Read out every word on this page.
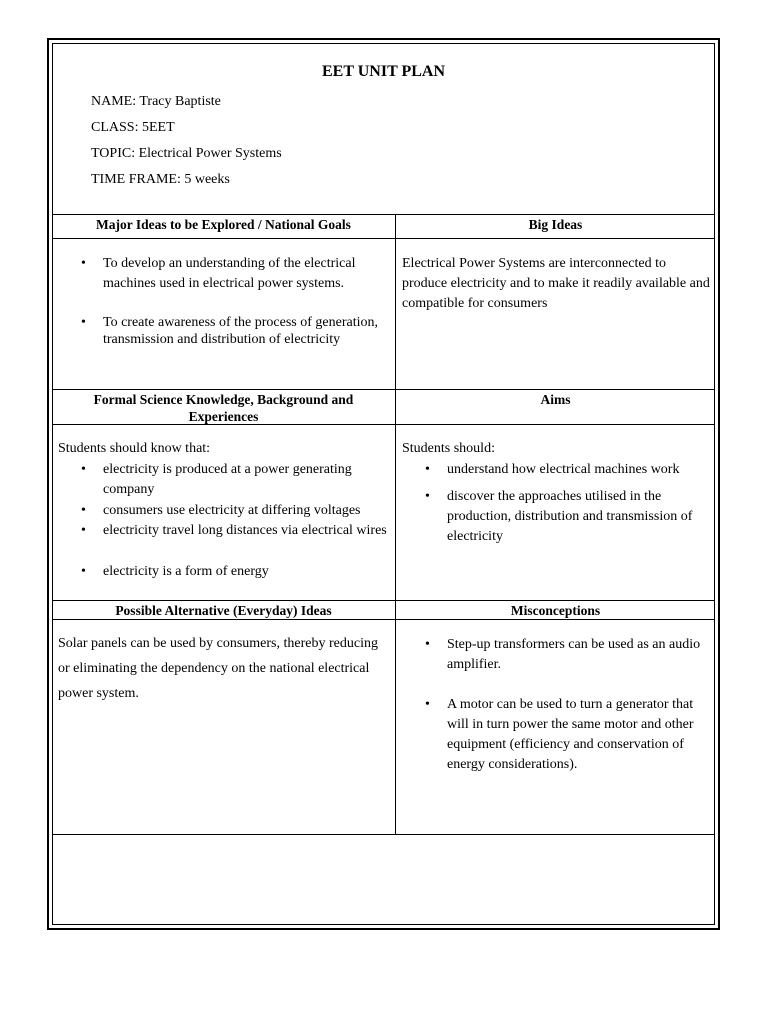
EET UNIT PLAN
NAME: Tracy Baptiste
CLASS: 5EET
TOPIC: Electrical Power Systems
TIME FRAME: 5 weeks
Major Ideas to be Explored / National Goals	Big Ideas
• To develop an understanding of the electrical machines used in electrical power systems.
• To create awareness of the process of generation, transmission and distribution of electricity
Electrical Power Systems are interconnected to produce electricity and to make it readily available and compatible for consumers
Formal Science Knowledge, Background and Experiences
Aims
Students should know that:
• electricity is produced at a power generating company
• consumers use electricity at differing voltages
• electricity travel long distances via electrical wires
• electricity is a form of energy
Students should:
• understand how electrical machines work
• discover the approaches utilised in the production, distribution and transmission of electricity
Possible Alternative (Everyday) Ideas	Misconceptions
Solar panels can be used by consumers, thereby reducing or eliminating the dependency on the national electrical power system.
• Step-up transformers can be used as an audio amplifier.
• A motor can be used to turn a generator that will in turn power the same motor and other equipment (efficiency and conservation of energy considerations).
